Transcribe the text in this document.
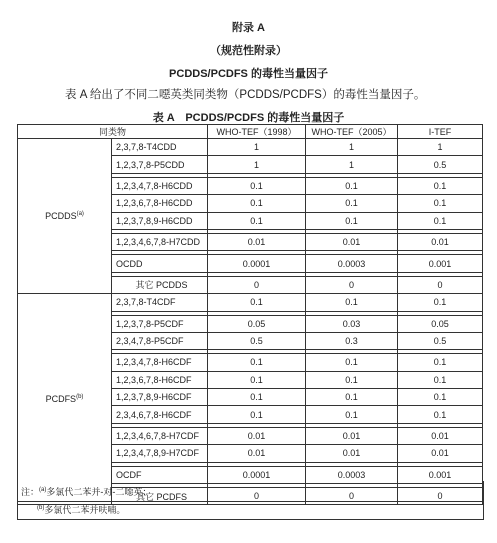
附录 A
（规范性附录）
PCDDS/PCDFS 的毒性当量因子
表 A 给出了不同二噁英类同类物（PCDDS/PCDFS）的毒性当量因子。
表 A　PCDDS/PCDFS 的毒性当量因子
同类物		WHO-TEF（1998）	WHO-TEF（2005）	I-TEF
PCDDS$^{(a)}$	2,3,7,8-T4CDD	1	1	1
	1,2,3,7,8-P5CDD	1	1	0.5

	1,2,3,4,7,8-H6CDD	0.1	0.1	0.1
	1,2,3,6,7,8-H6CDD	0.1	0.1	0.1
	1,2,3,7,8,9-H6CDD	0.1	0.1	0.1

	1,2,3,4,6,7,8-H7CDD	0.01	0.01	0.01

	OCDD	0.0001	0.0003	0.001

	其它 PCDDS	0	0	0
PCDFS$^{(b)}$	2,3,7,8-T4CDF	0.1	0.1	0.1

	1,2,3,7,8-P5CDF	0.05	0.03	0.05
	2,3,4,7,8-P5CDF	0.5	0.3	0.5

	1,2,3,4,7,8-H6CDF	0.1	0.1	0.1
	1,2,3,6,7,8-H6CDF	0.1	0.1	0.1
	1,2,3,7,8,9-H6CDF	0.1	0.1	0.1
	2,3,4,6,7,8-H6CDF	0.1	0.1	0.1

	1,2,3,4,6,7,8-H7CDF	0.01	0.01	0.01
	1,2,3,4,7,8,9-H7CDF	0.01	0.01	0.01

	OCDF	0.0001	0.0003	0.001

	其它 PCDFS	0	0	0
注：$^{(a)}$多氯代二苯并-对-二噁英；
$^{(b)}$多氯代二苯并呋喃。
